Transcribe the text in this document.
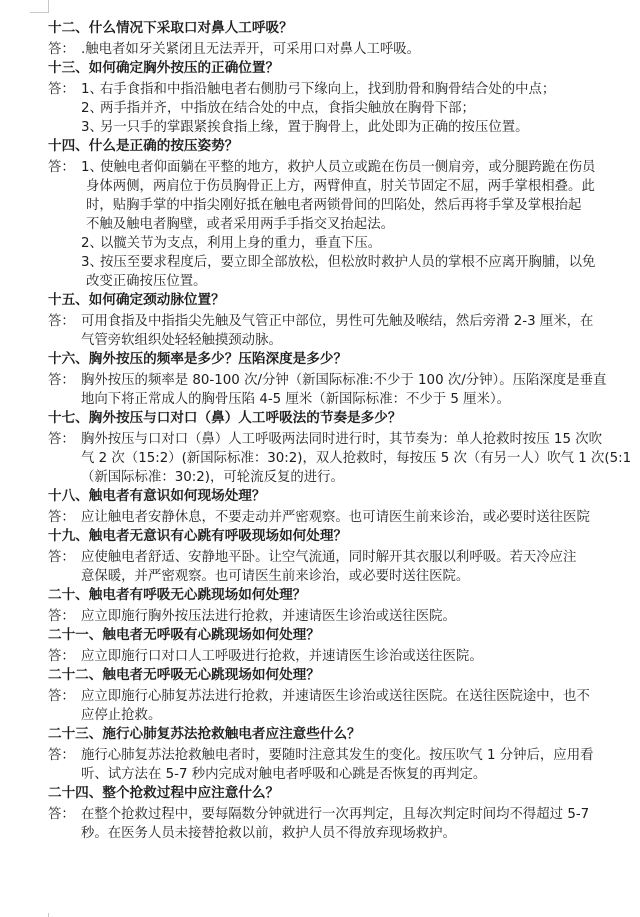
十二、什么情况下采取口对鼻人工呼吸？
答： .触电者如牙关紧闭且无法弄开，可采用口对鼻人工呼吸。
十三、如何确定胸外按压的正确位置？
答： 1、
右手食指和中指沿触电者右侧肋弓下缘向上，找到肋骨和胸骨结合处的中点；
2、
两手指并齐，中指放在结合处的中点，食指尖触放在胸骨下部；
3、
另一只手的掌跟紧挨食指上缘，置于胸骨上，此处即为正确的按压位置。
十四、什么是正确的按压姿势？
答： 1、
使触电者仰面躺在平整的地方，救护人员立或跪在伤员一侧肩旁，或分腿跨跪在伤员
身体两侧，两肩位于伤员胸骨正上方，两臂伸直，肘关节固定不屈，两手掌根相叠。此
时，贴胸手掌的中指尖刚好抵在触电者两锁骨间的凹陷处，然后再将手掌及掌根抬起
不触及触电者胸壁，或者采用两手手指交叉抬起法。
2、
以髋关节为支点，利用上身的重力，垂直下压。
3、
按压至要求程度后，要立即全部放松，但松放时救护人员的掌根不应离开胸脯，以免
改变正确按压位置。
十五、如何确定颈动脉位置？
答： 可用食指及中指指尖先触及气管正中部位，男性可先触及喉结，然后旁滑 2-3 厘米，在
气管旁软组织处轻轻触摸颈动脉。
十六、胸外按压的频率是多少？压陷深度是多少？
答： 胸外按压的频率是 80-100 次/分钟（新国际标准:不少于 100 次/分钟）。压陷深度是垂直
地向下将正常成人的胸骨压陷 4-5 厘米（新国际标准：不少于 5 厘米）。
十七、胸外按压与口对口（鼻）人工呼吸法的节奏是多少？
答： 胸外按压与口对口（鼻）人工呼吸两法同时进行时，其节奏为：单人抢救时按压 15 次吹
气 2 次（15:2）(新国际标准：30:2)，双人抢救时，每按压 5 次（有另一人）吹气 1 次(5:1
（新国际标准：30:2)，可轮流反复的进行。
十八、触电者有意识如何现场处理？
答： 应让触电者安静休息，不要走动并严密观察。也可请医生前来诊治，或必要时送往医院
十九、触电者无意识有心跳有呼吸现场如何处理？
答： 应使触电者舒适、安静地平卧。让空气流通，同时解开其衣服以利呼吸。若天冷应注
意保暖，并严密观察。也可请医生前来诊治，或必要时送往医院。
二十、触电者有呼吸无心跳现场如何处理？
答： 应立即施行胸外按压法进行抢救，并速请医生诊治或送往医院。
二十一、触电者无呼吸有心跳现场如何处理？
答： 应立即施行口对口人工呼吸进行抢救，并速请医生诊治或送往医院。
二十二、触电者无呼吸无心跳现场如何处理？
答： 应立即施行心肺复苏法进行抢救，并速请医生诊治或送往医院。在送往医院途中，也不
应停止抢救。
二十三、施行心肺复苏法抢救触电者应注意些什么？
答： 施行心肺复苏法抢救触电者时，要随时注意其发生的变化。按压吹气 1 分钟后，应用看
听、试方法在 5-7 秒内完成对触电者呼吸和心跳是否恢复的再判定。
二十四、整个抢救过程中应注意什么？
答： 在整个抢救过程中，要每隔数分钟就进行一次再判定，且每次判定时间均不得超过 5-7
秒。在医务人员未接替抢救以前，救护人员不得放弃现场救护。
